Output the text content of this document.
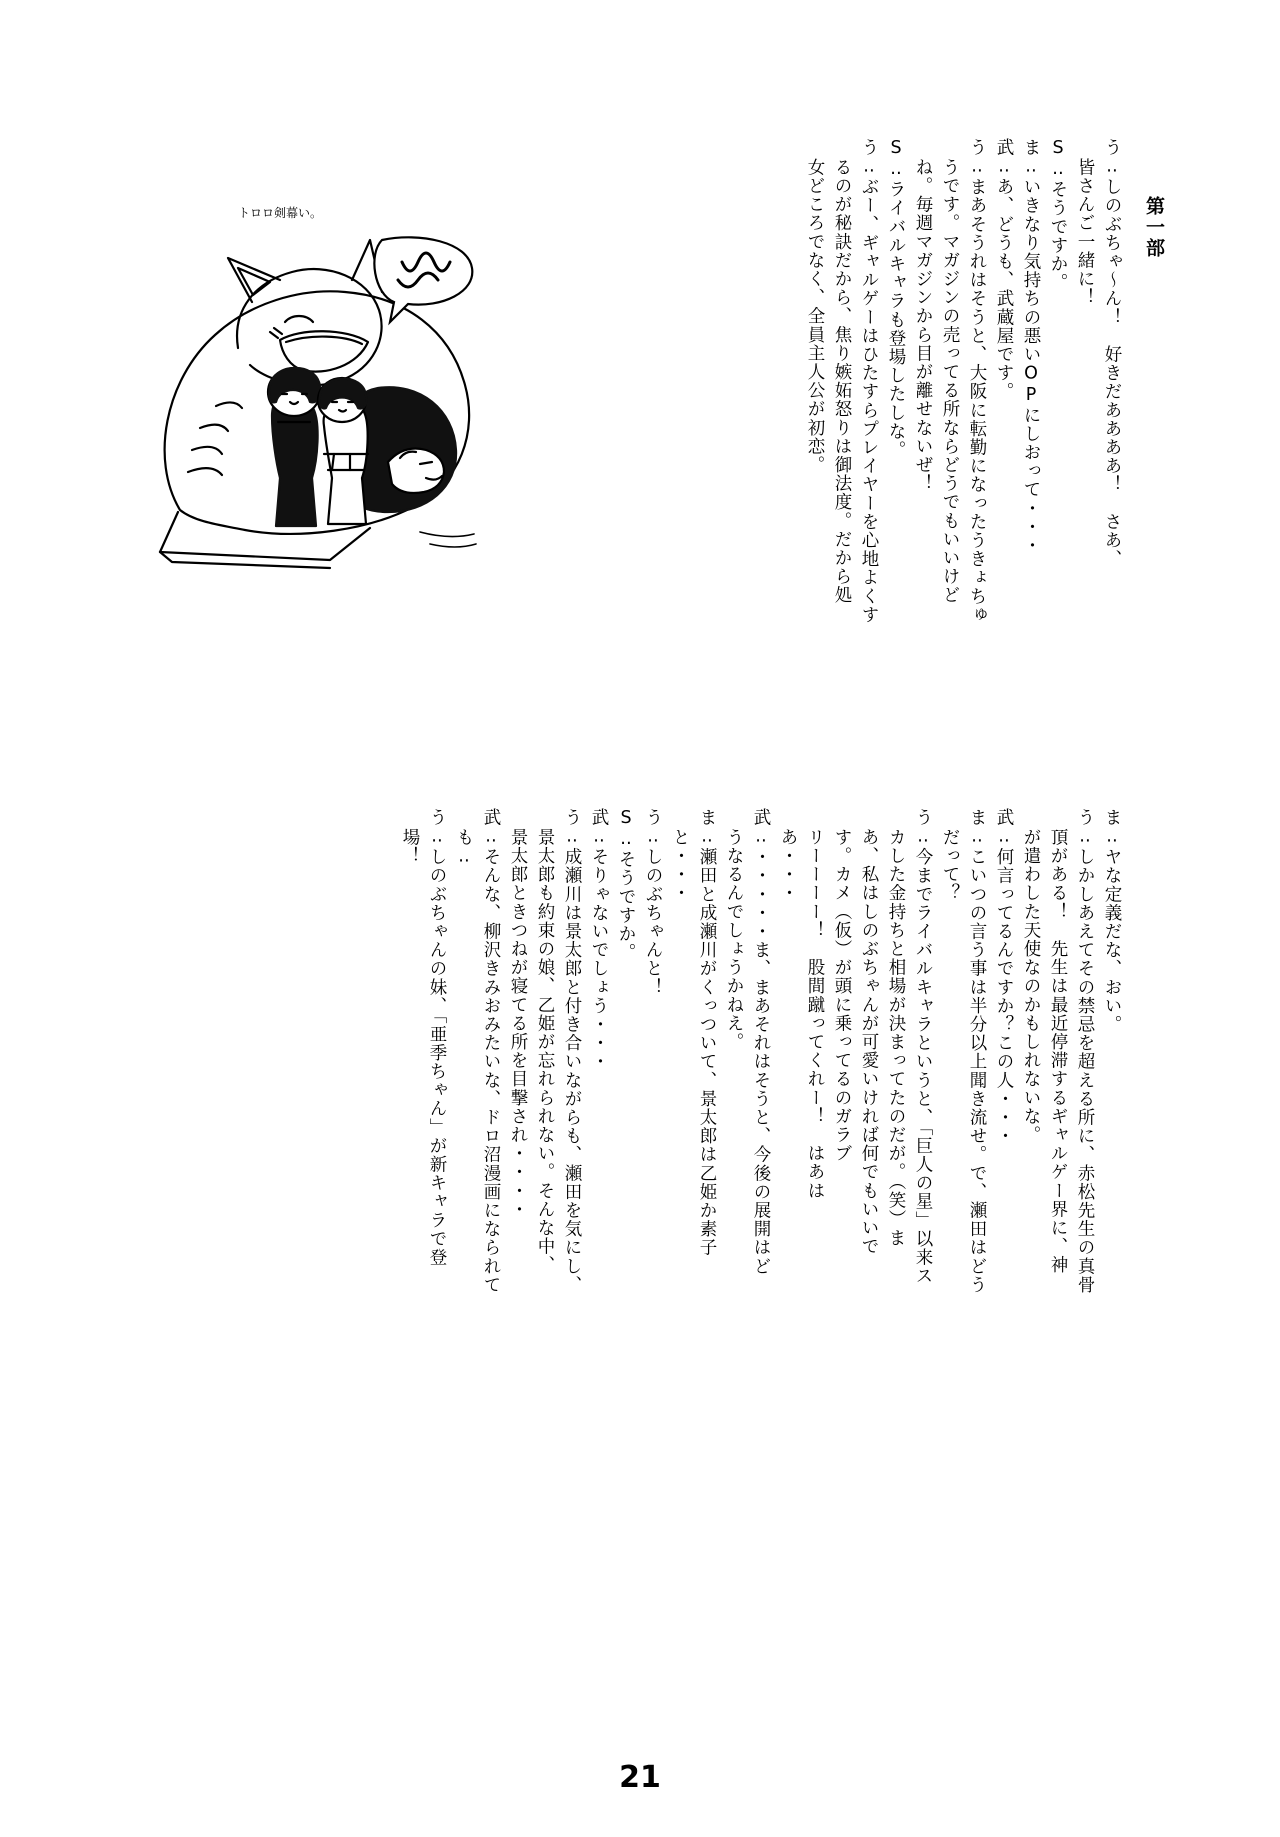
第一部
トロロ剣幕い。	う‥しのぶちゃ～ん！　好きだああああ！　さあ、
皆さんご一緒に！
S‥そうですか。
ま‥いきなり気持ちの悪いOPにしおって・・・
武‥あ、どうも、武蔵屋です。
う‥まあそうれはそうと、大阪に転勤になったうきょちゅ
うです。マガジンの売ってる所ならどうでもいいけど
ね。毎週マガジンから目が離せないぜ！
S‥ライバルキャラも登場したしな。
う‥ぶー、ギャルゲーはひたすらプレイヤーを心地よくす
るのが秘訣だから、焦り嫉妬怒りは御法度。だから処
女どころでなく、全員主人公が初恋。
ま‥ヤな定義だな、おい。
う‥しかしあえてその禁忌を超える所に、赤松先生の真骨
頂がある！　先生は最近停滞するギャルゲー界に、神
が遣わした天使なのかもしれないな。
武‥何言ってるんですか？この人・・・
ま‥こいつの言う事は半分以上聞き流せ。で、瀬田はどう
だって？
う‥今までライバルキャラというと、「巨人の星」以来ス
カした金持ちと相場が決まってたのだが。（笑）ま
あ、私はしのぶちゃんが可愛いければ何でもいいで
す。カメ（仮）が頭に乗ってるのガラブ
リーーーー！　股間蹴ってくれー！　はあは
あ・・・
武‥・・・・・ま、まあそれはそうと、今後の展開はど
うなるんでしょうかねえ。
ま‥瀬田と成瀬川がくっついて、景太郎は乙姫か素子
と・・・
う‥しのぶちゃんと！
S‥そうですか。
武‥そりゃないでしょう・・・
う‥成瀬川は景太郎と付き合いながらも、瀬田を気にし、
景太郎も約束の娘、乙姫が忘れられない。そんな中、
景太郎ときつねが寝てる所を目撃され・・・・
武‥そんな、柳沢きみおみたいな、ドロ沼漫画になられて
も‥
う‥しのぶちゃんの妹、「亜季ちゃん」が新キャラで登
場！
21
